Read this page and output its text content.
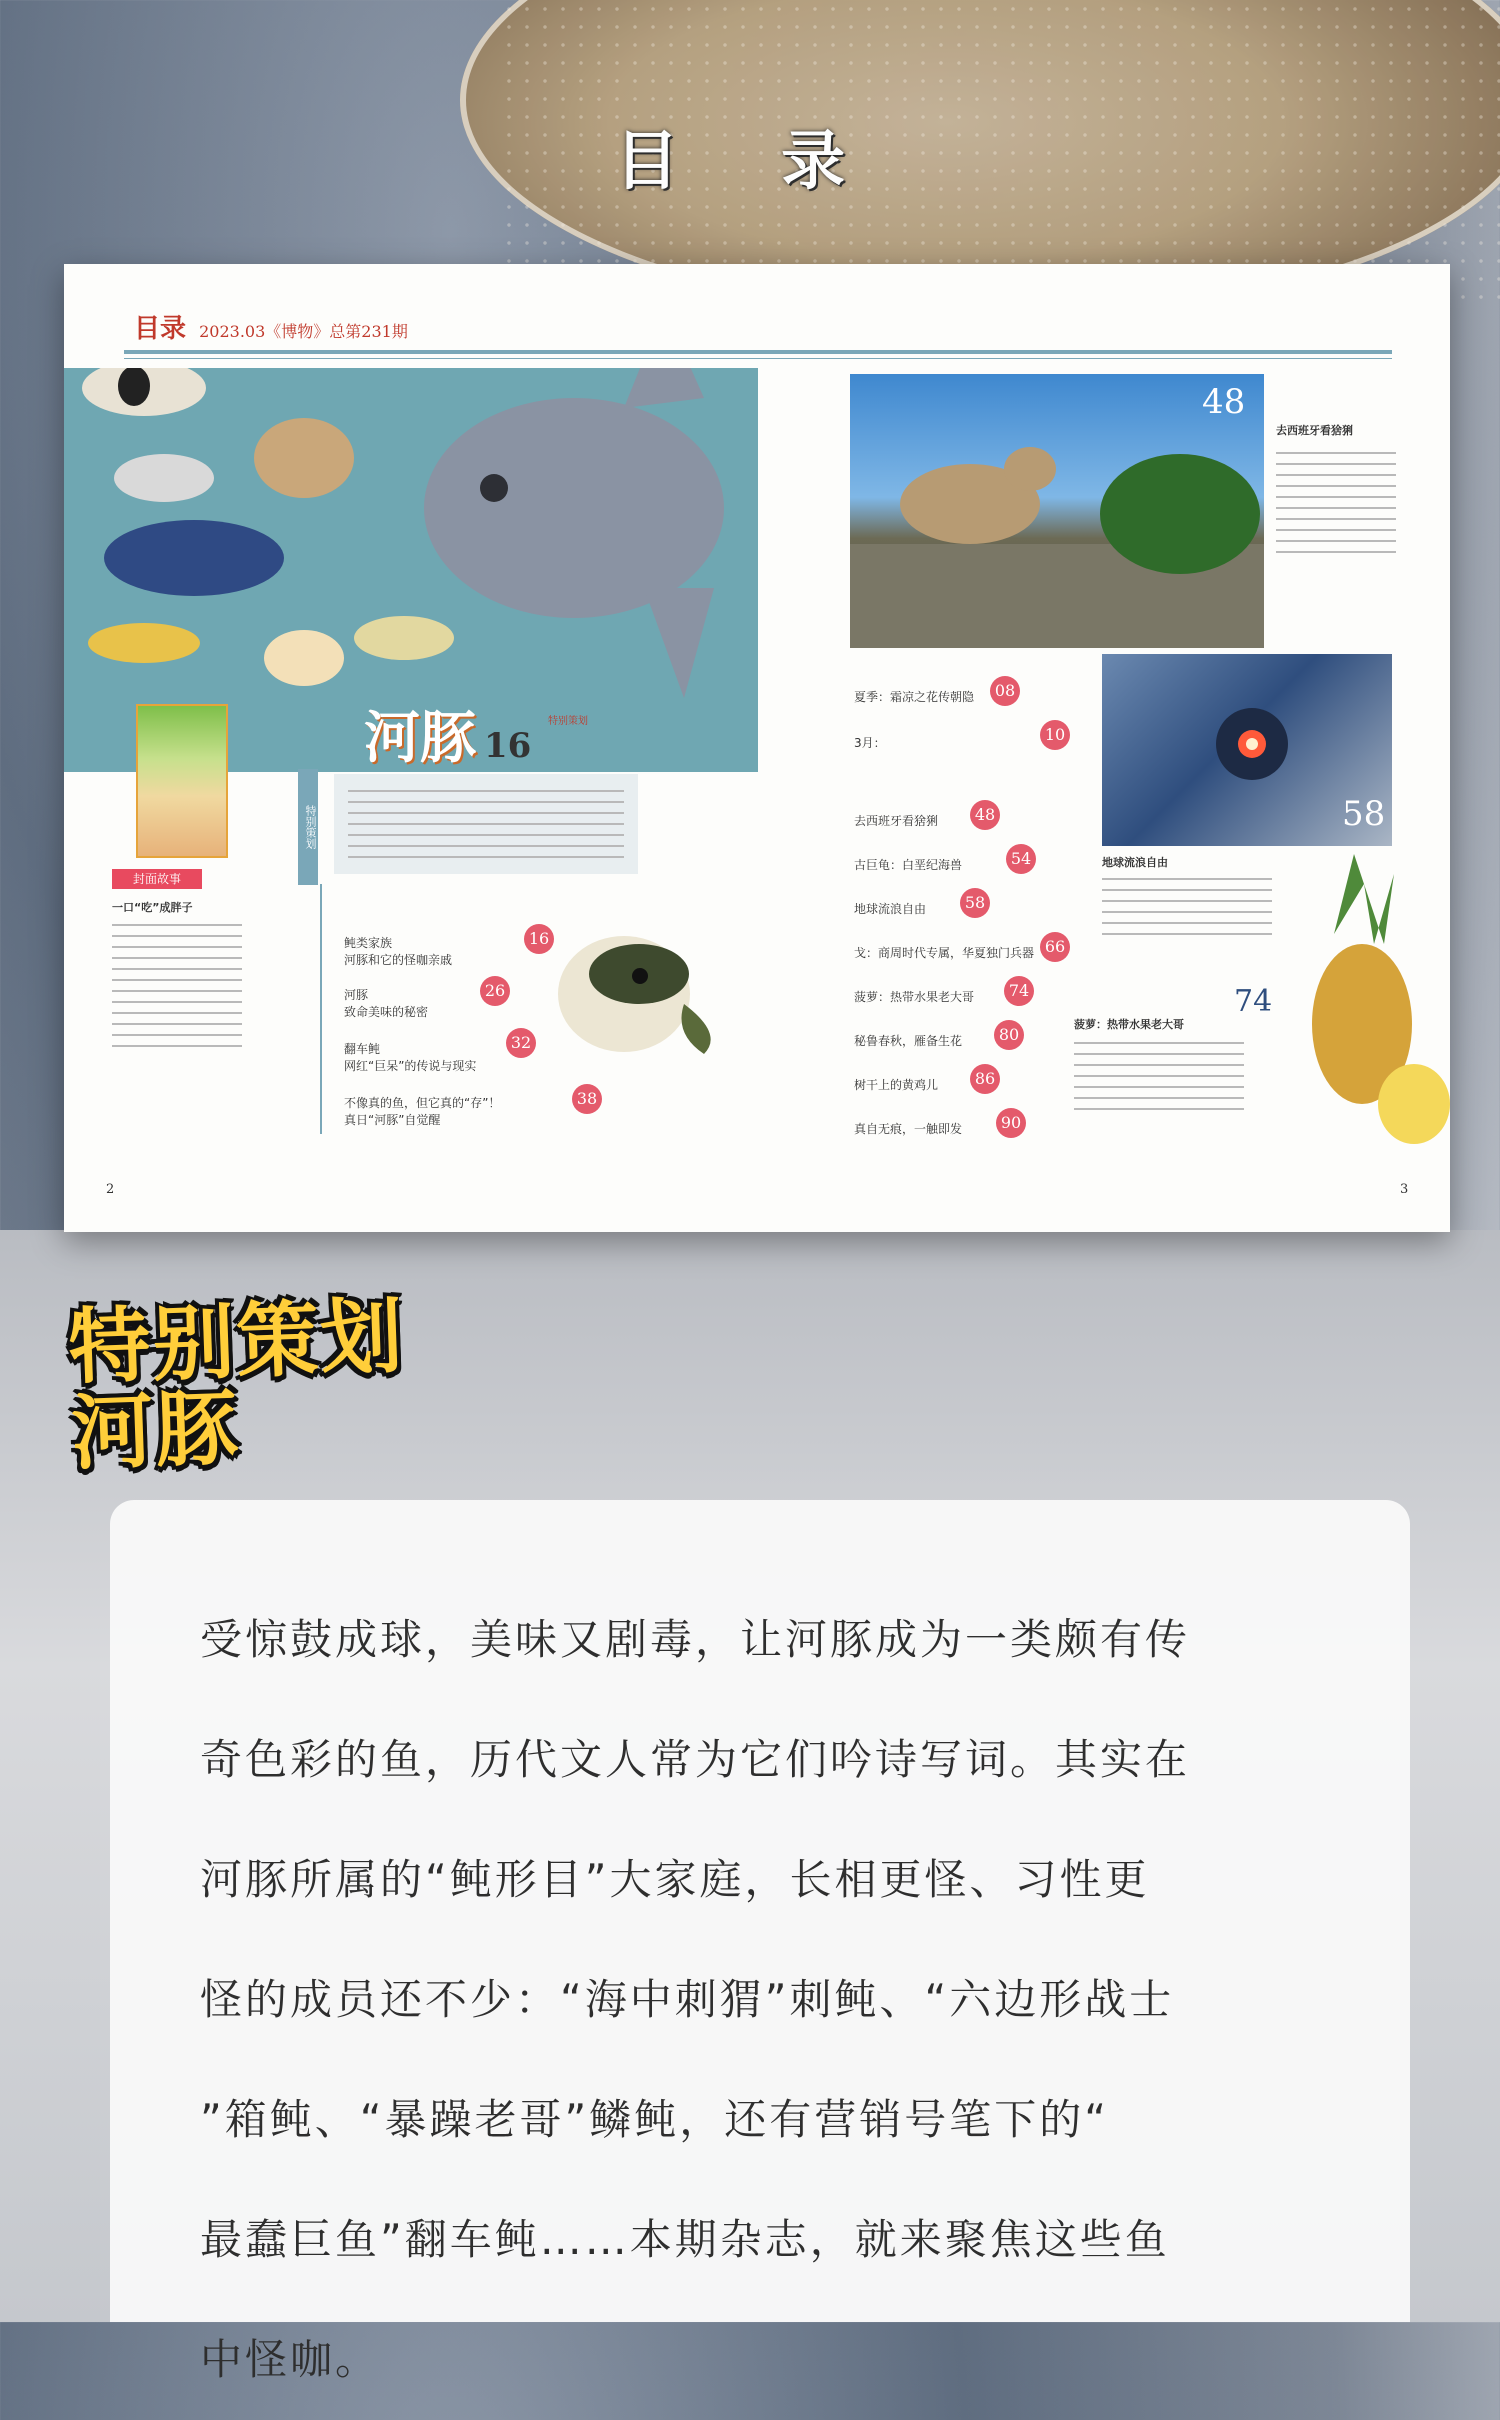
目 录
目录 2023.03《博物》总第231期
河豚 16
特别策划
封面故事
一口“吃”成胖子
特别策划
鲀类家族
河豚和它的怪咖亲戚
16
河豚
致命美味的秘密
26
翻车鲀
网红“巨呆”的传说与现实
32
不像真的鱼，但它真的“存”！
真日“河豚”自觉醒
38
48
去西班牙看猞猁
58
地球流浪自由
74
菠萝：热带水果老大哥
夏季：霜凉之花传朝隐	08
3月：	10
去西班牙看猞猁	48
古巨龟：白垩纪海兽	54
地球流浪自由	58
戈：商周时代专属，华夏独门兵器 66
菠萝：热带水果老大哥	74
秘鲁春秋，雁备生花	80
树干上的黄鸡儿	86
真自无痕，一触即发	90
2	3
特别策划
河豚
受惊鼓成球，美味又剧毒，让河豚成为一类颇有传
奇色彩的鱼，历代文人常为它们吟诗写词。其实在
河豚所属的“鲀形目”大家庭，长相更怪、习性更
怪的成员还不少：“海中刺猬”刺鲀、“六边形战士
”箱鲀、“暴躁老哥”鳞鲀，还有营销号笔下的“
最蠢巨鱼”翻车鲀……本期杂志，就来聚焦这些鱼
中怪咖。
